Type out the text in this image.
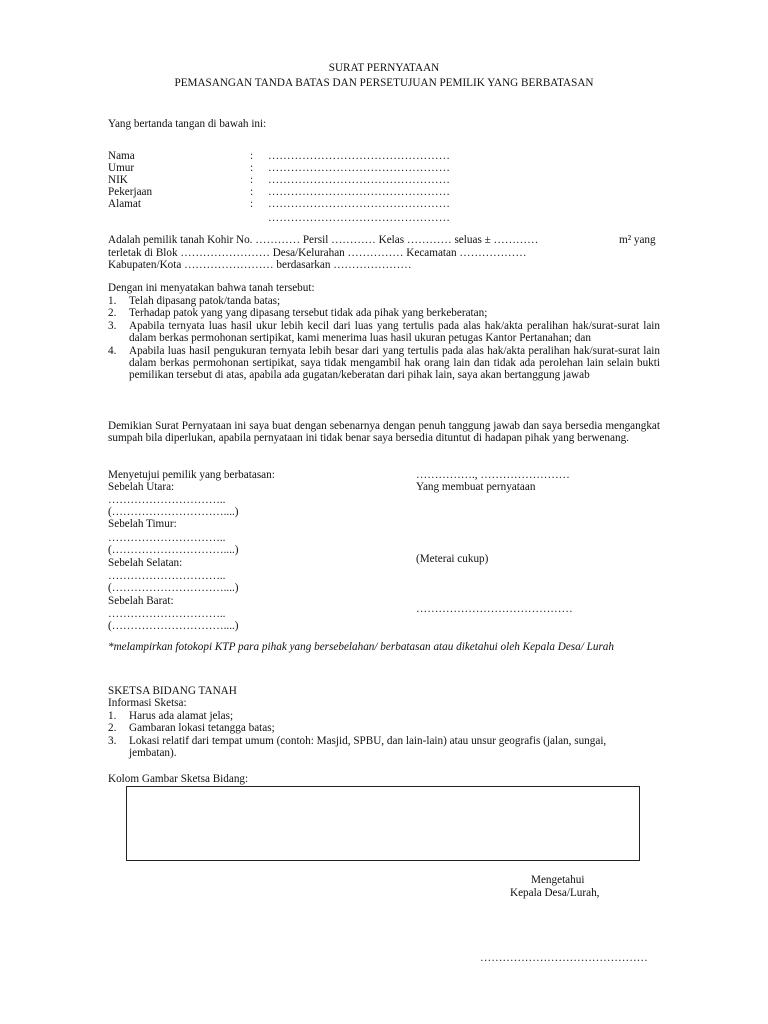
SURAT PERNYATAAN
PEMASANGAN TANDA BATAS DAN PERSETUJUAN PEMILIK YANG BERBATASAN
Yang bertanda tangan di bawah ini:
Nama	: …………………………………………
Umur	: …………………………………………
NIK	: …………………………………………
Pekerjaan	: …………………………………………
Alamat	: …………………………………………
…………………………………………
Adalah pemilik tanah Kohir No. ………… Persil ………… Kelas ………… seluas ± …………	m² yang
terletak di Blok …………………… Desa/Kelurahan …………… Kecamatan ………………
Kabupaten/Kota …………………… berdasarkan …………………
Dengan ini menyatakan bahwa tanah tersebut:
1. Telah dipasang patok/tanda batas;
2. Terhadap patok yang yang dipasang tersebut tidak ada pihak yang berkeberatan;
3. Apabila ternyata luas hasil ukur lebih kecil dari luas yang tertulis pada alas hak/akta peralihan hak/surat-surat lain dalam berkas permohonan sertipikat, kami menerima luas hasil ukuran petugas Kantor Pertanahan; dan
4. Apabila luas hasil pengukuran ternyata lebih besar dari yang tertulis pada alas hak/akta peralihan hak/surat-surat lain dalam berkas permohonan sertipikat, saya tidak mengambil hak orang lain dan tidak ada perolehan lain selain bukti pemilikan tersebut di atas, apabila ada gugatan/keberatan dari pihak lain, saya akan bertanggung jawab
Demikian Surat Pernyataan ini saya buat dengan sebenarnya dengan penuh tanggung jawab dan saya bersedia mengangkat sumpah bila diperlukan, apabila pernyataan ini tidak benar saya bersedia dituntut di hadapan pihak yang berwenang.
Menyetujui pemilik yang berbatasan:
Sebelah Utara:
…………………………..
(…………………………....)
Sebelah Timur:
…………………………..
(…………………………....)
Sebelah Selatan:
…………………………..
(…………………………....)
Sebelah Barat:
…………………………..
(…………………………....)
……………., ……………………
Yang membuat pernyataan
(Meterai cukup)
……………………………………
*melampirkan fotokopi KTP para pihak yang bersebelahan/ berbatasan atau diketahui oleh Kepala Desa/ Lurah
SKETSA BIDANG TANAH
Informasi Sketsa:
1. Harus ada alamat jelas;
2. Gambaran lokasi tetangga batas;
3. Lokasi relatif dari tempat umum (contoh: Masjid, SPBU, dan lain-lain) atau unsur geografis (jalan, sungai, jembatan).
Kolom Gambar Sketsa Bidang:
Mengetahui
Kepala Desa/Lurah,
………………………………………
